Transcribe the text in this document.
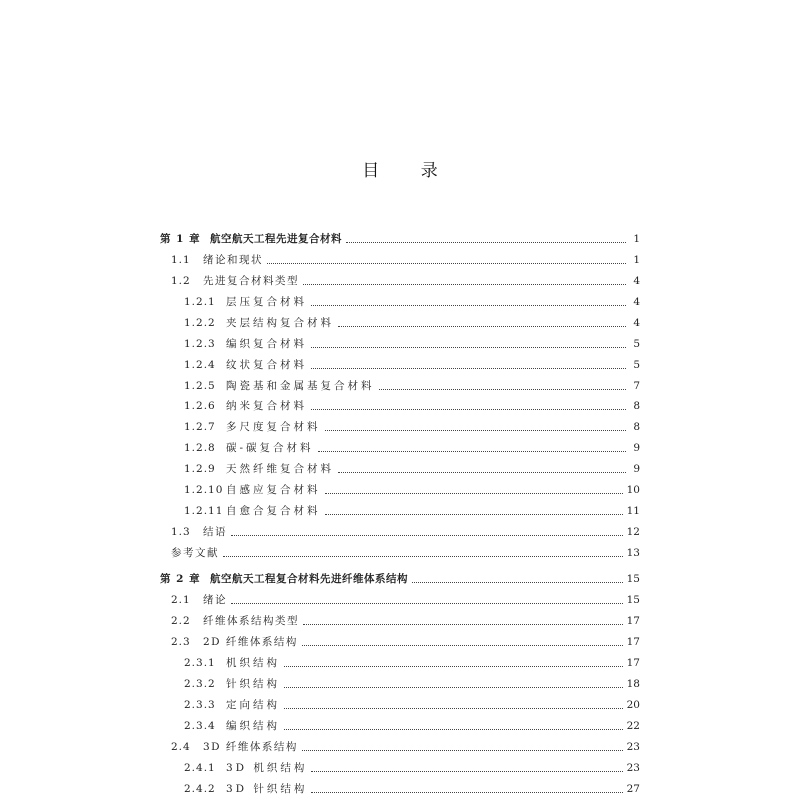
目 录
第 1 章 航空航天工程先进复合材料	1
1.1	绪论和现状	1
1.2	先进复合材料类型	4
1.2.1 层压复合材料	4
1.2.2 夹层结构复合材料	4
1.2.3 编织复合材料	5
1.2.4 纹状复合材料	5
1.2.5 陶瓷基和金属基复合材料	7
1.2.6 纳米复合材料	8
1.2.7 多尺度复合材料	8
1.2.8 碳-碳复合材料	9
1.2.9 天然纤维复合材料	9
1.2.10 自感应复合材料	10
1.2.11 自愈合复合材料	11
1.3	结语	12
参考文献	13
第 2 章 航空航天工程复合材料先进纤维体系结构	15
2.1	绪论	15
2.2	纤维体系结构类型	17
2.3	2D 纤维体系结构	17
2.3.1 机织结构	17
2.3.2 针织结构	18
2.3.3 定向结构	20
2.3.4 编织结构	22
2.4	3D 纤维体系结构	23
2.4.1 3D 机织结构	23
2.4.2 3D 针织结构	27
